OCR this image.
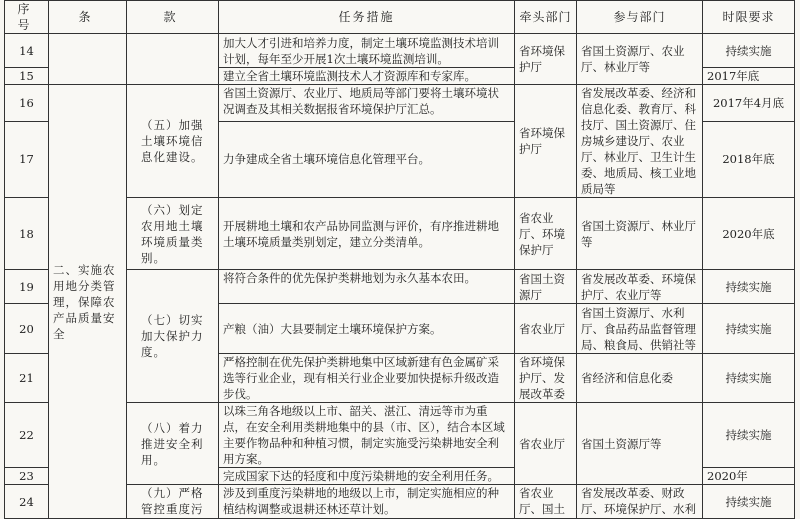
序号	条	款	任务措施	牵头部门	参与部门	时限要求
14			加大人才引进和培养力度，制定土壤环境监测技术培训计划，每年至少开展1次土壤环境监测培训。	省环境保护厅	省国土资源厅、农业厅、林业厅等	持续实施
15			建立全省土壤环境监测技术人才资源库和专家库。			2017年底
16	二、实施农用地分类管理，保障农产品质量安全	（五）加强土壤环境信息化建设。	省国土资源厅、农业厅、地质局等部门要将土壤环境状况调查及其相关数据报省环境保护厅汇总。	省环境保护厅	省发展改革委、经济和信息化委、教育厅、科技厅、国土资源厅、住房城乡建设厅、农业厅、林业厅、卫生计生委、地质局、核工业地质局等	2017年4月底
17			力争建成全省土壤环境信息化管理平台。			2018年底
18		（六）划定农用地土壤环境质量类别。	开展耕地土壤和农产品协同监测与评价，有序推进耕地土壤环境质量类别划定，建立分类清单。	省农业厅、环境保护厅	省国土资源厅、林业厅等	2020年底
19		（七）切实加大保护力度。	将符合条件的优先保护类耕地划为永久基本农田。	省国土资源厅	省发展改革委、环境保护厅、农业厅等	持续实施
20			产粮（油）大县要制定土壤环境保护方案。	省农业厅	省国土资源厅、水利厅、食品药品监督管理局、粮食局、供销社等	持续实施
21			严格控制在优先保护类耕地集中区域新建有色金属矿采选等行业企业，现有相关行业企业要加快提标升级改造步伐。	省环境保护厅、发展改革委	省经济和信息化委	持续实施
22		（八）着力推进安全利用。	以珠三角各地级以上市、韶关、湛江、清远等市为重点，在安全利用类耕地集中的县（市、区），结合本区域主要作物品种和种植习惯，制定实施受污染耕地安全利用方案。	省农业厅	省国土资源厅等	持续实施
23			完成国家下达的轻度和中度污染耕地的安全利用任务。			2020年
24		（九）严格管控重度污	涉及到重度污染耕地的地级以上市，制定实施相应的种植结构调整或退耕还林还草计划。	省农业厅、国土	省发展改革委、财政厅、环境保护厅、水利	持续实施
